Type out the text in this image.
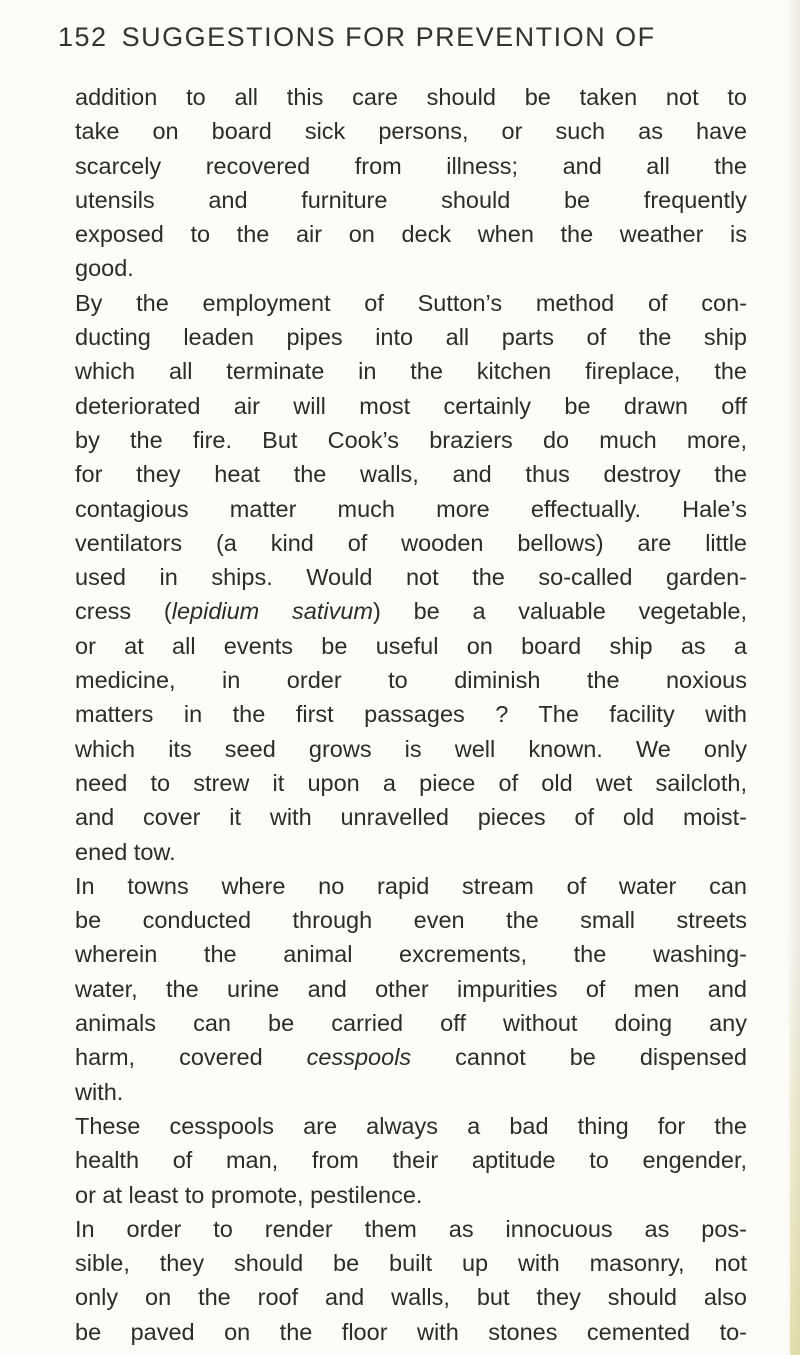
152 SUGGESTIONS FOR PREVENTION OF
addition to all this care should be taken not to
take on board sick persons, or such as have
scarcely recovered from illness; and all the
utensils and furniture should be frequently
exposed to the air on deck when the weather is
good.
By the employment of Sutton’s method of con-
ducting leaden pipes into all parts of the ship
which all terminate in the kitchen fireplace, the
deteriorated air will most certainly be drawn off
by the fire. But Cook’s braziers do much more,
for they heat the walls, and thus destroy the
contagious matter much more effectually. Hale’s
ventilators (a kind of wooden bellows) are little
used in ships. Would not the so-called garden-
cress (lepidium sativum) be a valuable vegetable,
or at all events be useful on board ship as a
medicine, in order to diminish the noxious
matters in the first passages ? The facility with
which its seed grows is well known. We only
need to strew it upon a piece of old wet sailcloth,
and cover it with unravelled pieces of old moist-
ened tow.
In towns where no rapid stream of water can
be conducted through even the small streets
wherein the animal excrements, the washing-
water, the urine and other impurities of men and
animals can be carried off without doing any
harm, covered cesspools cannot be dispensed
with.
These cesspools are always a bad thing for the
health of man, from their aptitude to engender,
or at least to promote, pestilence.
In order to render them as innocuous as pos-
sible, they should be built up with masonry, not
only on the roof and walls, but they should also
be paved on the floor with stones cemented to-
